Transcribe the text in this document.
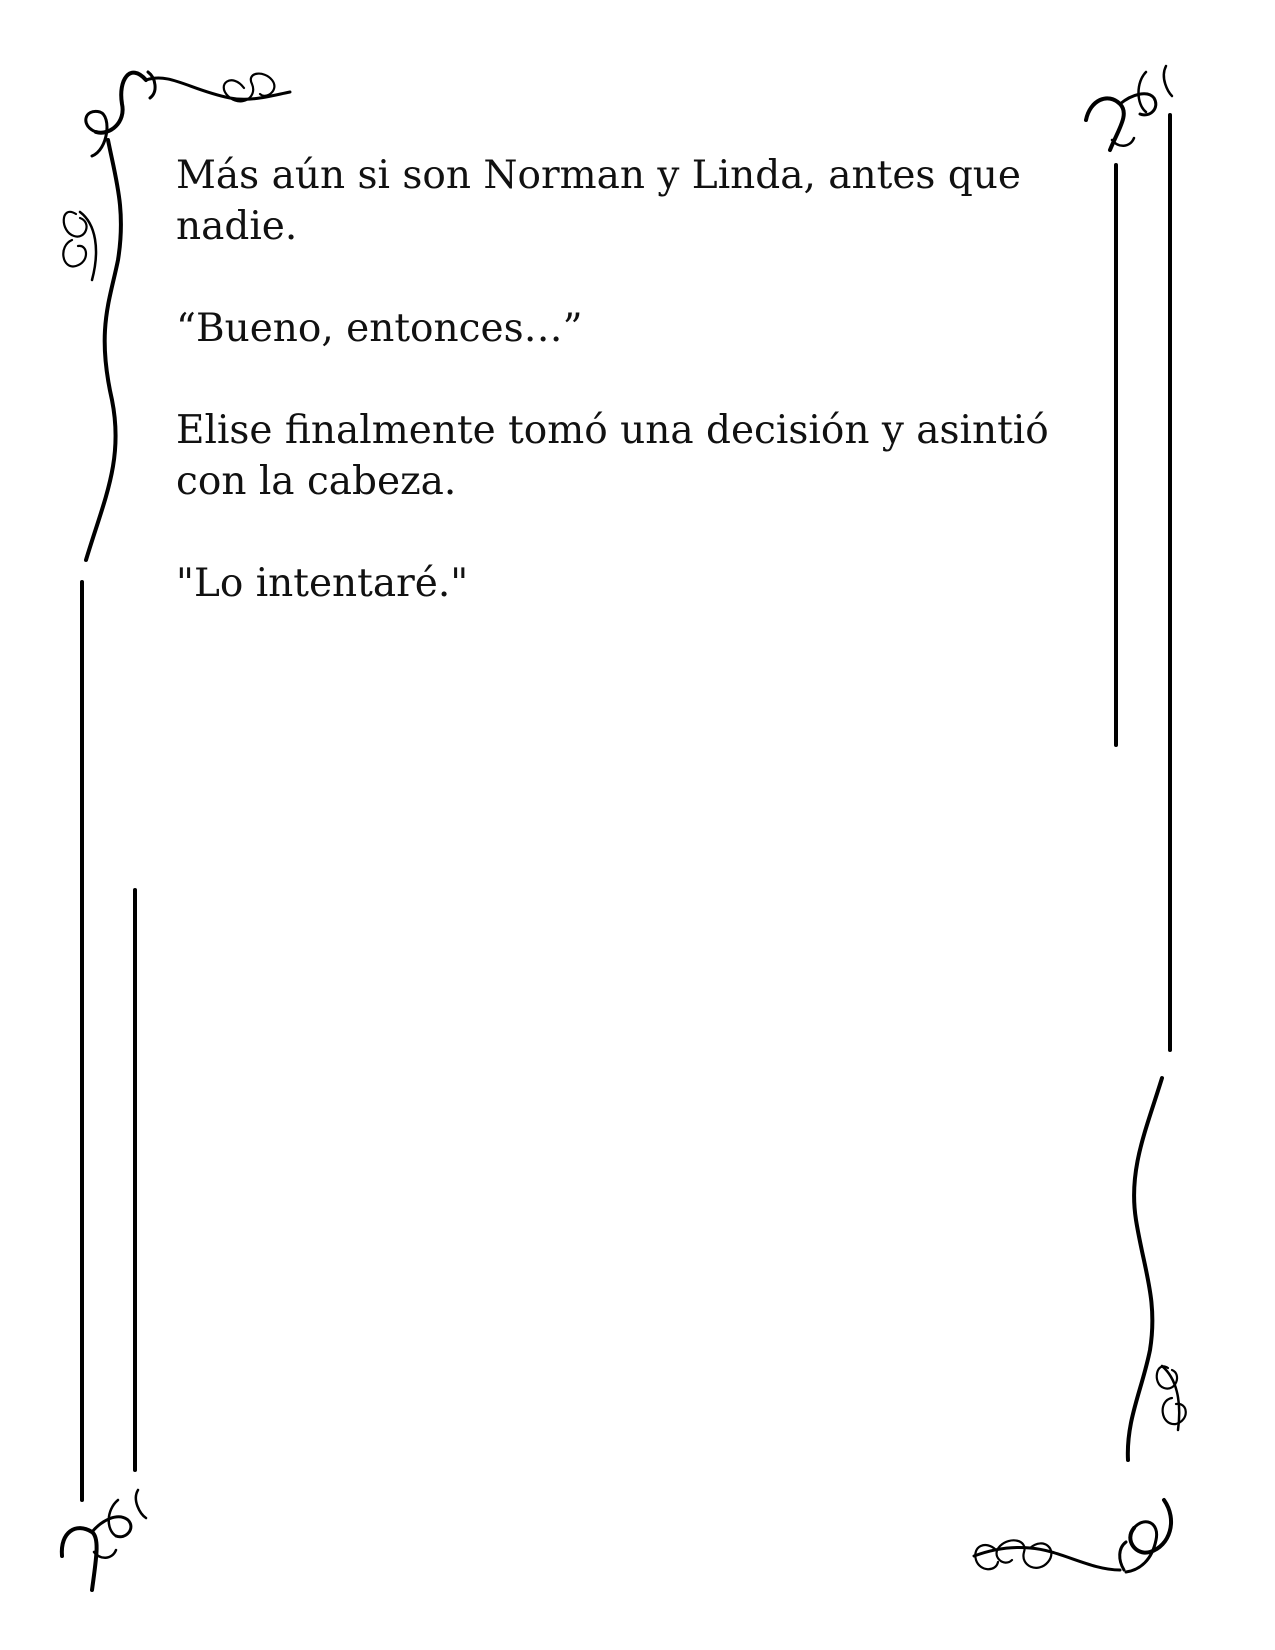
Más aún si son Norman y Linda, antes que nadie.

“Bueno, entonces…”

Elise finalmente tomó una decisión y asintió con la cabeza.

"Lo intentaré."
